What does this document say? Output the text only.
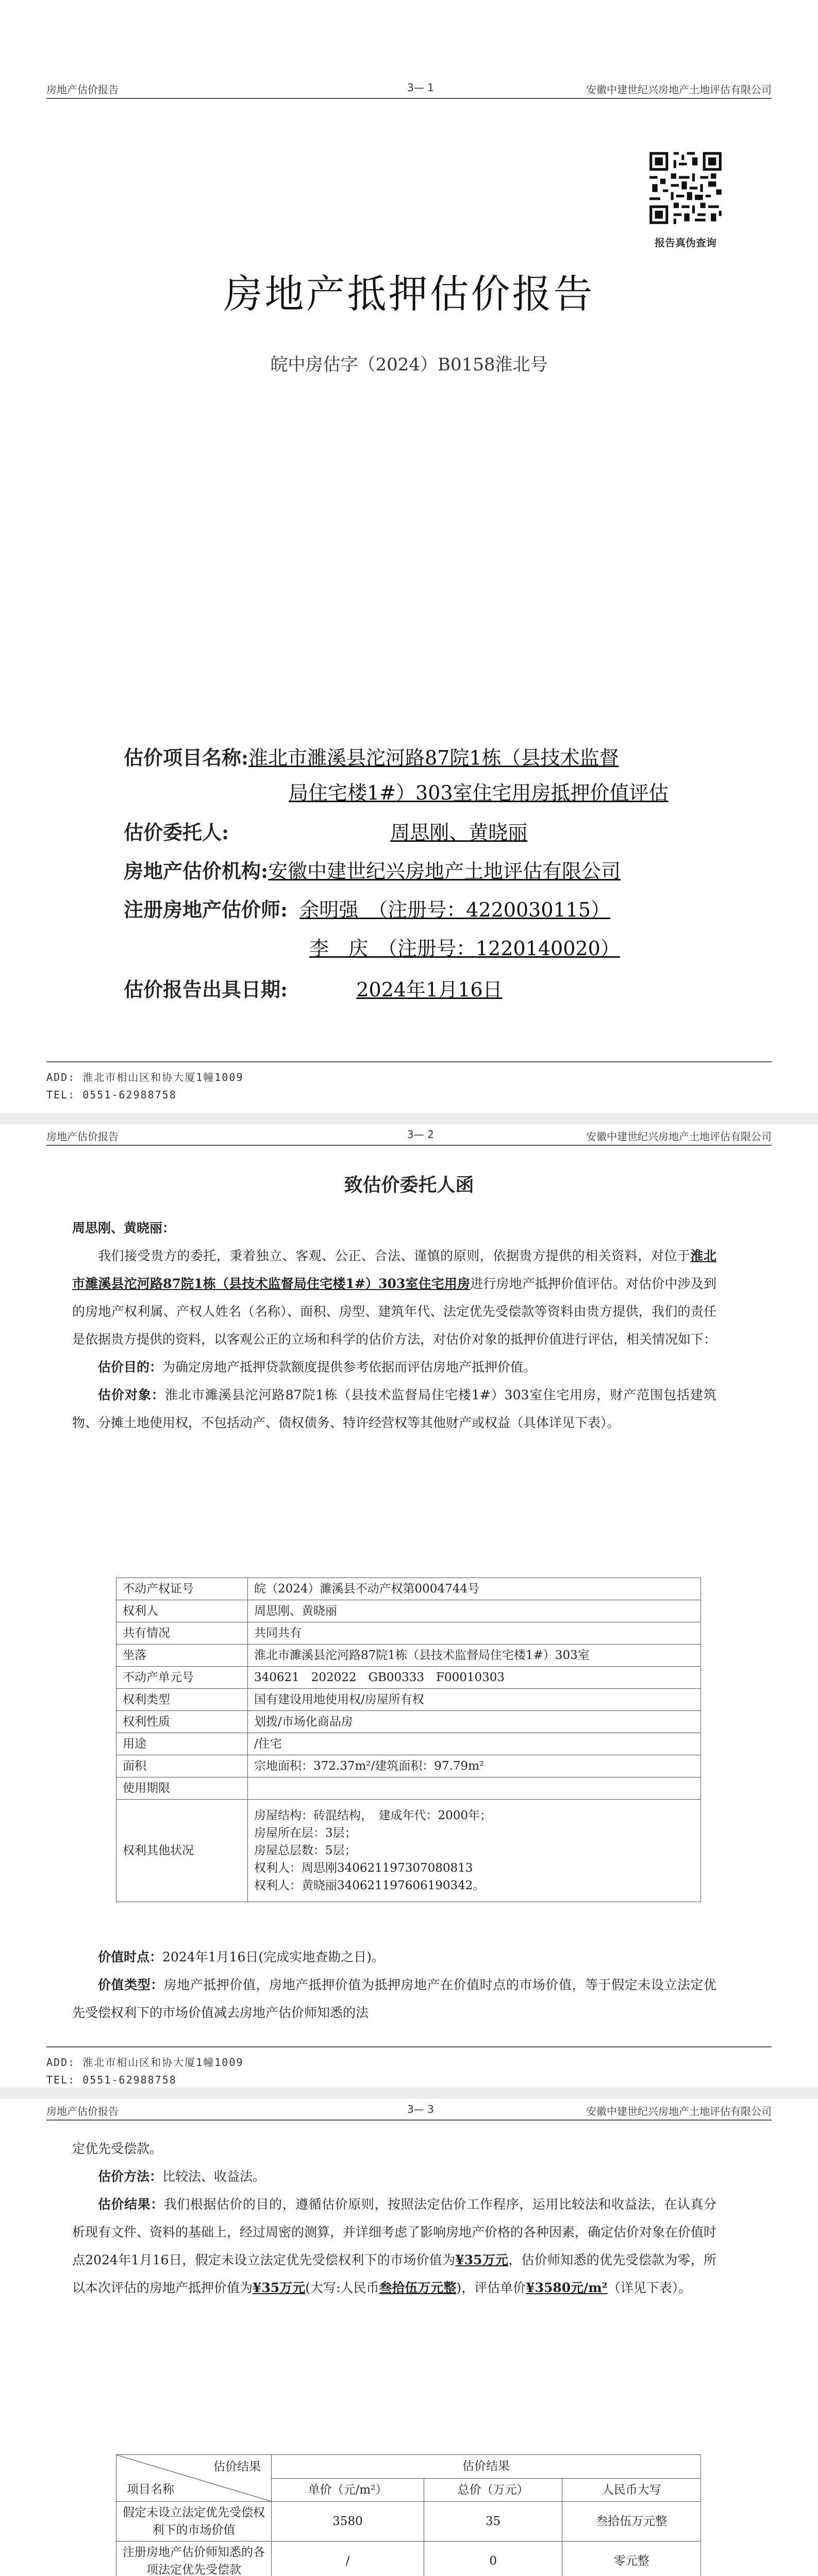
房地产估价报告	3— 1	安徽中建世纪兴房地产土地评估有限公司
报告真伪查询
房地产抵押估价报告
皖中房估字（2024）B0158淮北号
估价项目名称:淮北市濉溪县沱河路87院1栋（县技术监督
局住宅楼1#）303室住宅用房抵押价值评估
估价委托人:	周思刚、黄晓丽
房地产估价机构:安徽中建世纪兴房地产土地评估有限公司
注册房地产估价师: 余明强　（注册号：4220030115）
李　庆　（注册号：1220140020）
估价报告出具日期:	2024年1月16日
ADD: 淮北市相山区和协大厦1幢1009
TEL: 0551-62988758
房地产估价报告	3— 2	安徽中建世纪兴房地产土地评估有限公司
致估价委托人函
周思刚、黄晓丽：

我们接受贵方的委托，秉着独立、客观、公正、合法、谨慎的原则，依据贵方提供的相关资料，对位于淮北市濉溪县沱河路87院1栋（县技术监督局住宅楼1#）303室住宅用房进行房地产抵押价值评估。对估价中涉及到的房地产权利属、产权人姓名（名称）、面积、房型、建筑年代、法定优先受偿款等资料由贵方提供，我们的责任是依据贵方提供的资料，以客观公正的立场和科学的估价方法，对估价对象的抵押价值进行评估，相关情况如下：

估价目的：为确定房地产抵押贷款额度提供参考依据而评估房地产抵押价值。

估价对象：淮北市濉溪县沱河路87院1栋（县技术监督局住宅楼1#）303室住宅用房，财产范围包括建筑物、分摊土地使用权，不包括动产、债权债务、特许经营权等其他财产或权益（具体详见下表）。

不动产权证号	皖（2024）濉溪县不动产权第0004744号
权利人	周思刚、黄晓丽
共有情况	共同共有
坐落	淮北市濉溪县沱河路87院1栋（县技术监督局住宅楼1#）303室
不动产单元号	340621　202022　GB00333　F00010303
权利类型	国有建设用地使用权/房屋所有权
权利性质	划拨/市场化商品房
用途	/住宅
面积	宗地面积：372.37m²/建筑面积：97.79m²
使用期限	
权利其他状况	房屋结构：砖混结构，　建成年代：2000年；
房屋所在层：3层；
房屋总层数：5层；
权利人：周思刚340621197307080813
权利人：黄晓丽340621197606190342。

价值时点：2024年1月16日(完成实地查勘之日)。

价值类型：房地产抵押价值，房地产抵押价值为抵押房地产在价值时点的市场价值，等于假定未设立法定优先受偿权利下的市场价值减去房地产估价师知悉的法

ADD: 淮北市相山区和协大厦1幢1009
TEL: 0551-62988758
房地产估价报告	3— 3	安徽中建世纪兴房地产土地评估有限公司
定优先受偿款。

估价方法：比较法、收益法。

估价结果：我们根据估价的目的，遵循估价原则，按照法定估价工作程序，运用比较法和收益法，在认真分析现有文件、资料的基础上，经过周密的测算，并详细考虑了影响房地产价格的各种因素，确定估价对象在价值时点2024年1月16日，假定未设立法定优先受偿权利下的市场价值为¥35万元，估价师知悉的优先受偿款为零，所以本次评估的房地产抵押价值为¥35万元(大写:人民币叁拾伍万元整)，评估单价¥3580元/m²（详见下表）。

估价结果
项目名称	估价结果		
	单价（元/m²）	总价（万元）	人民币大写
假定未设立法定优先受偿权利下的市场价值	3580	35	叁拾伍万元整
注册房地产估价师知悉的各项法定优先受偿款	/	0	零元整
